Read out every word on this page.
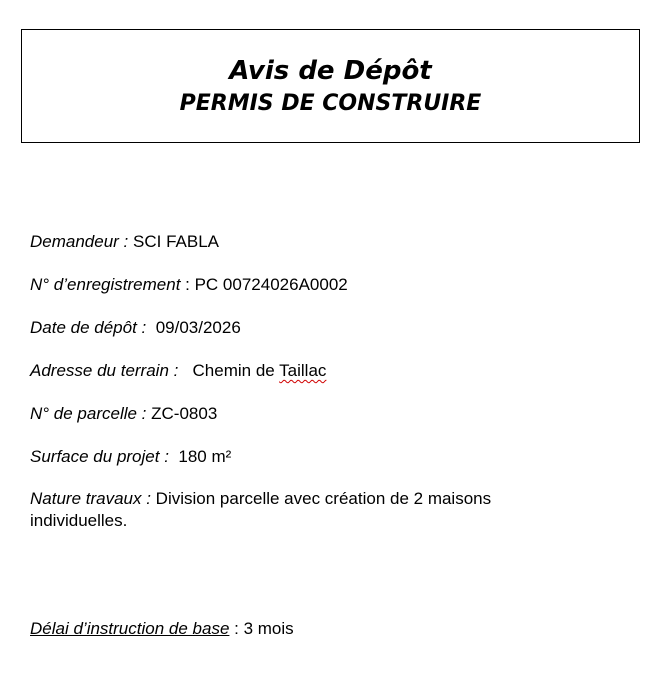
Avis de Dépôt
PERMIS DE CONSTRUIRE
Demandeur : SCI FABLA
N° d’enregistrement : PC 00724026A0002
Date de dépôt :  09/03/2026
Adresse du terrain :   Chemin de Taillac
N° de parcelle : ZC-0803
Surface du projet :  180 m²
Nature travaux : Division parcelle avec création de 2 maisons individuelles.
Délai d’instruction de base : 3 mois
